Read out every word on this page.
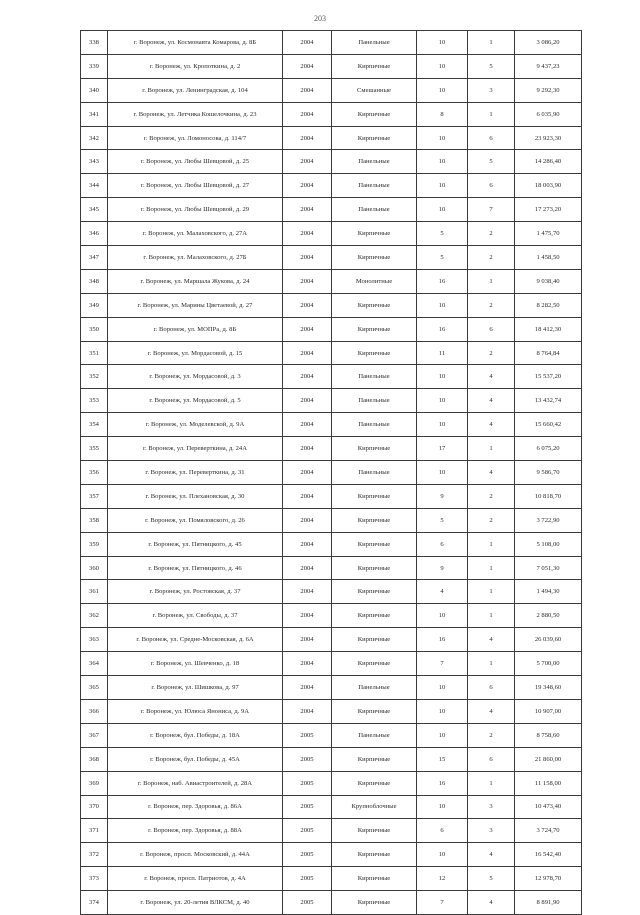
203
338	г. Воронеж, ул. Космонавта Комарова, д. 8Б	2004	Панельные	10	1	3 086,20
339	г. Воронеж, ул. Кропоткина, д. 2	2004	Кирпичные	10	5	9 437,23
340	г. Воронеж, ул. Ленинградская, д. 104	2004	Смешанные	10	3	9 292,30
341	г. Воронеж, ул. Летчика Кошелочкина, д. 23	2004	Кирпичные	8	1	6 035,90
342	г. Воронеж, ул. Ломоносова, д. 114/7	2004	Кирпичные	10	6	23 923,30
343	г. Воронеж, ул. Любы Шевцовой, д. 25	2004	Панельные	10	5	14 286,40
344	г. Воронеж, ул. Любы Шевцовой, д. 27	2004	Панельные	10	6	18 003,90
345	г. Воронеж, ул. Любы Шевцовой, д. 29	2004	Панельные	10	7	17 273,20
346	г. Воронеж, ул. Малаховского, д. 27А	2004	Кирпичные	5	2	1 475,70
347	г. Воронеж, ул. Малаховского, д. 27Б	2004	Кирпичные	5	2	1 458,50
348	г. Воронеж, ул. Маршала Жукова, д. 24	2004	Монолитные	16	1	9 038,40
349	г. Воронеж, ул. Марины Цветаевой, д. 27	2004	Кирпичные	10	2	8 282,50
350	г. Воронеж, ул. МОПРа, д. 8Б	2004	Кирпичные	16	6	18 412,30
351	г. Воронеж, ул. Мордасовой, д. 15	2004	Кирпичные	11	2	8 764,84
352	г. Воронеж, ул. Мордасовой, д. 3	2004	Панельные	10	4	15 537,20
353	г. Воронеж, ул. Мордасовой, д. 5	2004	Панельные	10	4	13 432,74
354	г. Воронеж, ул. Моделевской, д. 9А	2004	Панельные	10	4	15 660,42
355	г. Воронеж, ул. Переверткина, д. 24А	2004	Кирпичные	17	1	6 075,20
356	г. Воронеж, ул. Переверткина, д. 31	2004	Панельные	10	4	9 586,70
357	г. Воронеж, ул. Плехановская, д. 30	2004	Кирпичные	9	2	10 818,70
358	г. Воронеж, ул. Помяловского, д. 26	2004	Кирпичные	5	2	3 722,90
359	г. Воронеж, ул. Пятницкого, д. 45	2004	Кирпичные	6	1	5 108,00
360	г. Воронеж, ул. Пятницкого, д. 46	2004	Кирпичные	9	1	7 051,30
361	г. Воронеж, ул. Ростовская, д. 37	2004	Кирпичные	4	1	1 494,30
362	г. Воронеж, ул. Свободы, д. 37	2004	Кирпичные	10	1	2 880,50
363	г. Воронеж, ул. Средне-Московская, д. 6А	2004	Кирпичные	16	4	26 039,60
364	г. Воронеж, ул. Шевченко, д. 18	2004	Кирпичные	7	1	5 700,00
365	г. Воронеж, ул. Шишкова, д. 97	2004	Панельные	10	6	19 348,60
366	г. Воронеж, ул. Юлюса Янониса, д. 9А	2004	Кирпичные	10	4	10 907,00
367	г. Воронеж, бул. Победы, д. 18А	2005	Панельные	10	2	8 758,60
368	г. Воронеж, бул. Победы, д. 45А	2005	Кирпичные	15	6	21 860,00
369	г. Воронеж, наб. Авиастроителей, д. 28А	2005	Кирпичные	16	1	11 158,00
370	г. Воронеж, пер. Здоровья, д. 86А	2005	Крупноблочные	10	3	10 473,40
371	г. Воронеж, пер. Здоровья, д. 88А	2005	Кирпичные	6	3	3 724,70
372	г. Воронеж, просп. Московский, д. 44А	2005	Кирпичные	10	4	16 542,40
373	г. Воронеж, просп. Патриотов, д. 4А	2005	Кирпичные	12	5	12 978,70
374	г. Воронеж, ул. 20-летия ВЛКСМ, д. 40	2005	Кирпичные	7	4	8 891,90
